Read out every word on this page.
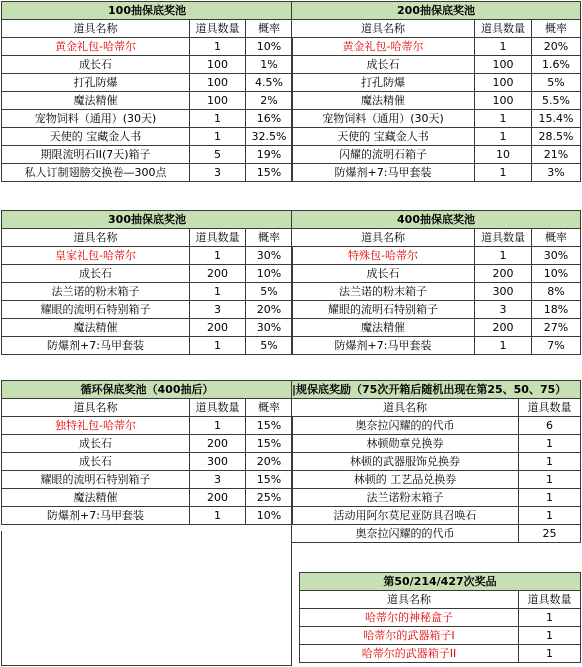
100抽保底奖池		
道具名称	道具数量	概率
黄金礼包-哈蒂尔	1	10%
成长石	100	1%
打孔防爆	100	4.5%
魔法精催	100	2%
宠物饲料（通用）(30天)	1	16%
天使的 宝藏金人书	1	32.5%
期限流明石II(7天)箱子	5	19%
私人订制翅膀交换卷—300点	3	15%
200抽保底奖池		
道具名称	道具数量	概率
黄金礼包-哈蒂尔	1	20%
成长石	100	1.6%
打孔防爆	100	5%
魔法精催	100	5.5%
宠物饲料（通用）(30天)	1	15.4%
天使的 宝藏金人书	1	28.5%
闪耀的流明石箱子	10	21%
防爆剂+7:马甲套装	1	3%
300抽保底奖池		
道具名称	道具数量	概率
皇家礼包-哈蒂尔	1	30%
成长石	200	10%
法兰诺的粉末箱子	1	5%
耀眼的流明石特别箱子	3	20%
魔法精催	200	30%
防爆剂+7:马甲套装	1	5%
400抽保底奖池		
道具名称	道具数量	概率
特殊包-哈蒂尔	1	30%
成长石	200	10%
法兰诺的粉末箱子	300	8%
耀眼的流明石特别箱子	3	18%
魔法精催	200	27%
防爆剂+7:马甲套装	1	7%
循环保底奖池（400抽后）		
道具名称	道具数量	概率
独特礼包-哈蒂尔	1	15%
成长石	200	15%
成长石	300	20%
耀眼的流明石特别箱子	3	15%
魔法精催	200	25%
防爆剂+7:马甲套装	1	10%
|规保底奖励（75次开箱后随机出现在第25、50、75）	
道具名称	道具数量
奥奈拉闪耀的的代币	6
林顿勋章兑换券	1
林顿的武器服饰兑换券	1
林顿的 工艺品兑换券	1
法兰诺粉末箱子	1
活动用阿尔莫尼亚防具召唤石	1
奥奈拉闪耀的的代币	25
第50/214/427次奖品	
道具名称	道具数量
哈蒂尔的神秘盒子	1
哈蒂尔的武器箱子I	1
哈蒂尔的武器箱子II	1
